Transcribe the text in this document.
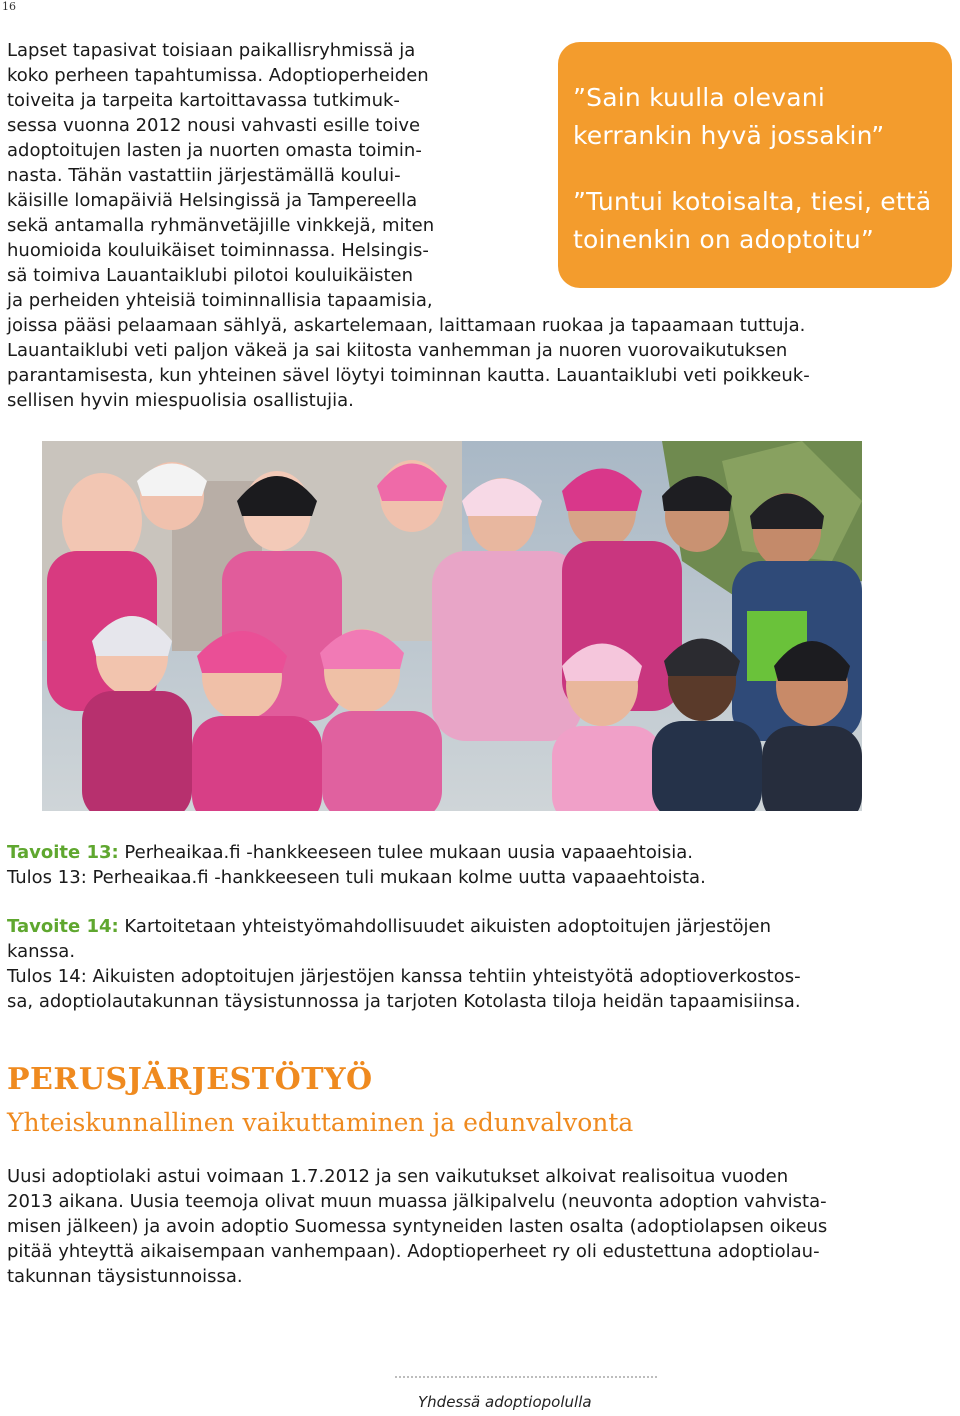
16
Lapset tapasivat toisiaan paikallisryhmissä ja
koko perheen tapahtumissa. Adoptioperheiden
toiveita ja tarpeita kartoittavassa tutkimuk-
sessa vuonna 2012 nousi vahvasti esille toive
adoptoitujen lasten ja nuorten omasta toimin-
nasta. Tähän vastattiin järjestämällä koului-
käisille lomapäiviä Helsingissä ja Tampereella
sekä antamalla ryhmänvetäjille vinkkejä, miten
huomioida kouluikäiset toiminnassa. Helsingis-
sä toimiva Lauantaiklubi pilotoi kouluikäisten
ja perheiden yhteisiä toiminnallisia tapaamisia,
joissa pääsi pelaamaan sählyä, askartelemaan, laittamaan ruokaa ja tapaamaan tuttuja.
Lauantaiklubi veti paljon väkeä ja sai kiitosta vanhemman ja nuoren vuorovaikutuksen
parantamisesta, kun yhteinen sävel löytyi toiminnan kautta. Lauantaiklubi veti poikkeuk-
sellisen hyvin miespuolisia osallistujia.
”Sain kuulla olevani
kerrankin hyvä jossakin”
”Tuntui kotoisalta, tiesi, että
toinenkin on adoptoitu”
Tavoite 13: Perheaikaa.fi -hankkeeseen tulee mukaan uusia vapaaehtoisia.
Tulos 13: Perheaikaa.fi -hankkeeseen tuli mukaan kolme uutta vapaaehtoista.
Tavoite 14: Kartoitetaan yhteistyömahdollisuudet aikuisten adoptoitujen järjestöjen
kanssa.
Tulos 14: Aikuisten adoptoitujen järjestöjen kanssa tehtiin yhteistyötä adoptioverkostos-
sa, adoptiolautakunnan täysistunnossa ja tarjoten Kotolasta tiloja heidän tapaamisiinsa.
PERUSJÄRJESTÖTYÖ
Yhteiskunnallinen vaikuttaminen ja edunvalvonta
Uusi adoptiolaki astui voimaan 1.7.2012 ja sen vaikutukset alkoivat realisoitua vuoden
2013 aikana. Uusia teemoja olivat muun muassa jälkipalvelu (neuvonta adoption vahvista-
misen jälkeen) ja avoin adoptio Suomessa syntyneiden lasten osalta (adoptiolapsen oikeus
pitää yhteyttä aikaisempaan vanhempaan). Adoptioperheet ry oli edustettuna adoptiolau-
takunnan täysistunnoissa.
Yhdessä adoptiopolulla
